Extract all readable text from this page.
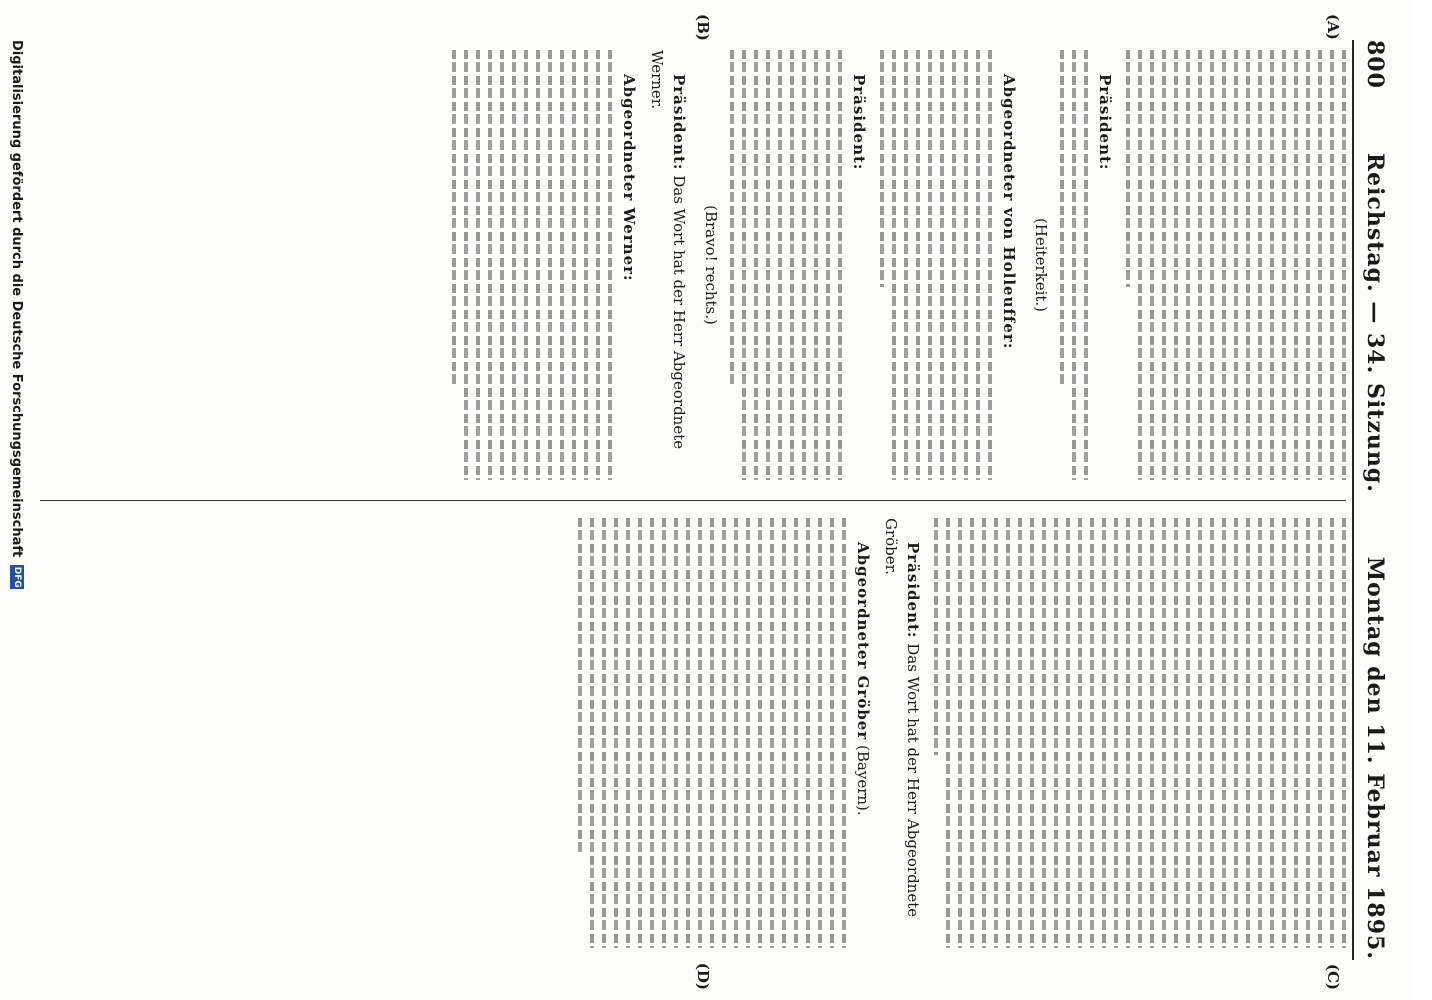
800
Reichstag. — 34. Sitzung.
Montag den 11. Februar 1895.
(A)
(B)
(C)
(D)
Präsident:
(Heiterkeit.)
Abgeordneter von Holleuffer:
Präsident:
(Bravo! rechts.)
Präsident: Das Wort hat der Herr Abgeordnete Werner.
Abgeordneter Werner:
Präsident: Das Wort hat der Herr Abgeordnete Gröber.
Abgeordneter Gröber (Bayern).
Digitalisierung gefördert durch die Deutsche Forschungsgemeinschaft
DFG
